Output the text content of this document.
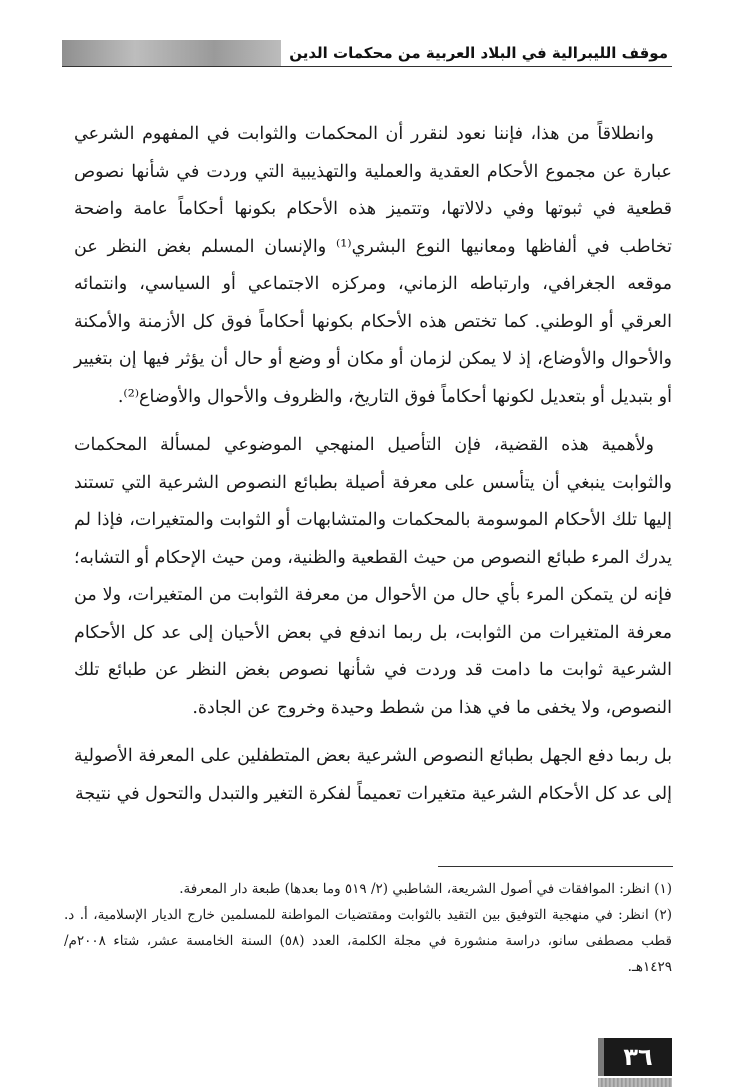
موقف الليبرالية في البلاد العربية من محكمات الدين

وانطلاقاً من هذا، فإننا نعود لنقرر أن المحكمات والثوابت في المفهوم الشرعي عبارة عن مجموع الأحكام العقدية والعملية والتهذيبية التي وردت في شأنها نصوص قطعية في ثبوتها وفي دلالاتها، وتتميز هذه الأحكام بكونها أحكاماً عامة واضحة تخاطب في ألفاظها ومعانيها النوع البشري⁽¹⁾ والإنسان المسلم بغض النظر عن موقعه الجغرافي، وارتباطه الزماني، ومركزه الاجتماعي أو السياسي، وانتمائه العرقي أو الوطني. كما تختص هذه الأحكام بكونها أحكاماً فوق كل الأزمنة والأمكنة والأحوال والأوضاع، إذ لا يمكن لزمان أو مكان أو وضع أو حال أن يؤثر فيها إن بتغيير أو بتبديل أو بتعديل لكونها أحكاماً فوق التاريخ، والظروف والأحوال والأوضاع⁽²⁾.

ولأهمية هذه القضية، فإن التأصيل المنهجي الموضوعي لمسألة المحكمات والثوابت ينبغي أن يتأسس على معرفة أصيلة بطبائع النصوص الشرعية التي تستند إليها تلك الأحكام الموسومة بالمحكمات والمتشابهات أو الثوابت والمتغيرات، فإذا لم يدرك المرء طبائع النصوص من حيث القطعية والظنية، ومن حيث الإحكام أو التشابه؛ فإنه لن يتمكن المرء بأي حال من الأحوال من معرفة الثوابت من المتغيرات، ولا من معرفة المتغيرات من الثوابت، بل ربما اندفع في بعض الأحيان إلى عد كل الأحكام الشرعية ثوابت ما دامت قد وردت في شأنها نصوص بغض النظر عن طبائع تلك النصوص، ولا يخفى ما في هذا من شطط وحيدة وخروج عن الجادة.

بل ربما دفع الجهل بطبائع النصوص الشرعية بعض المتطفلين على المعرفة الأصولية إلى عد كل الأحكام الشرعية متغيرات تعميماً لفكرة التغير والتبدل والتحول في نتيجة

(١) انظر: الموافقات في أصول الشريعة، الشاطبي (٢/ ٥١٩ وما بعدها) طبعة دار المعرفة.

(٢) انظر: في منهجية التوفيق بين التقيد بالثوابت ومقتضيات المواطنة للمسلمين خارج الديار الإسلامية، أ. د. قطب مصطفى سانو، دراسة منشورة في مجلة الكلمة، العدد (٥٨) السنة الخامسة عشر، شتاء ٢٠٠٨م/ ١٤٢٩هـ.

٣٦
